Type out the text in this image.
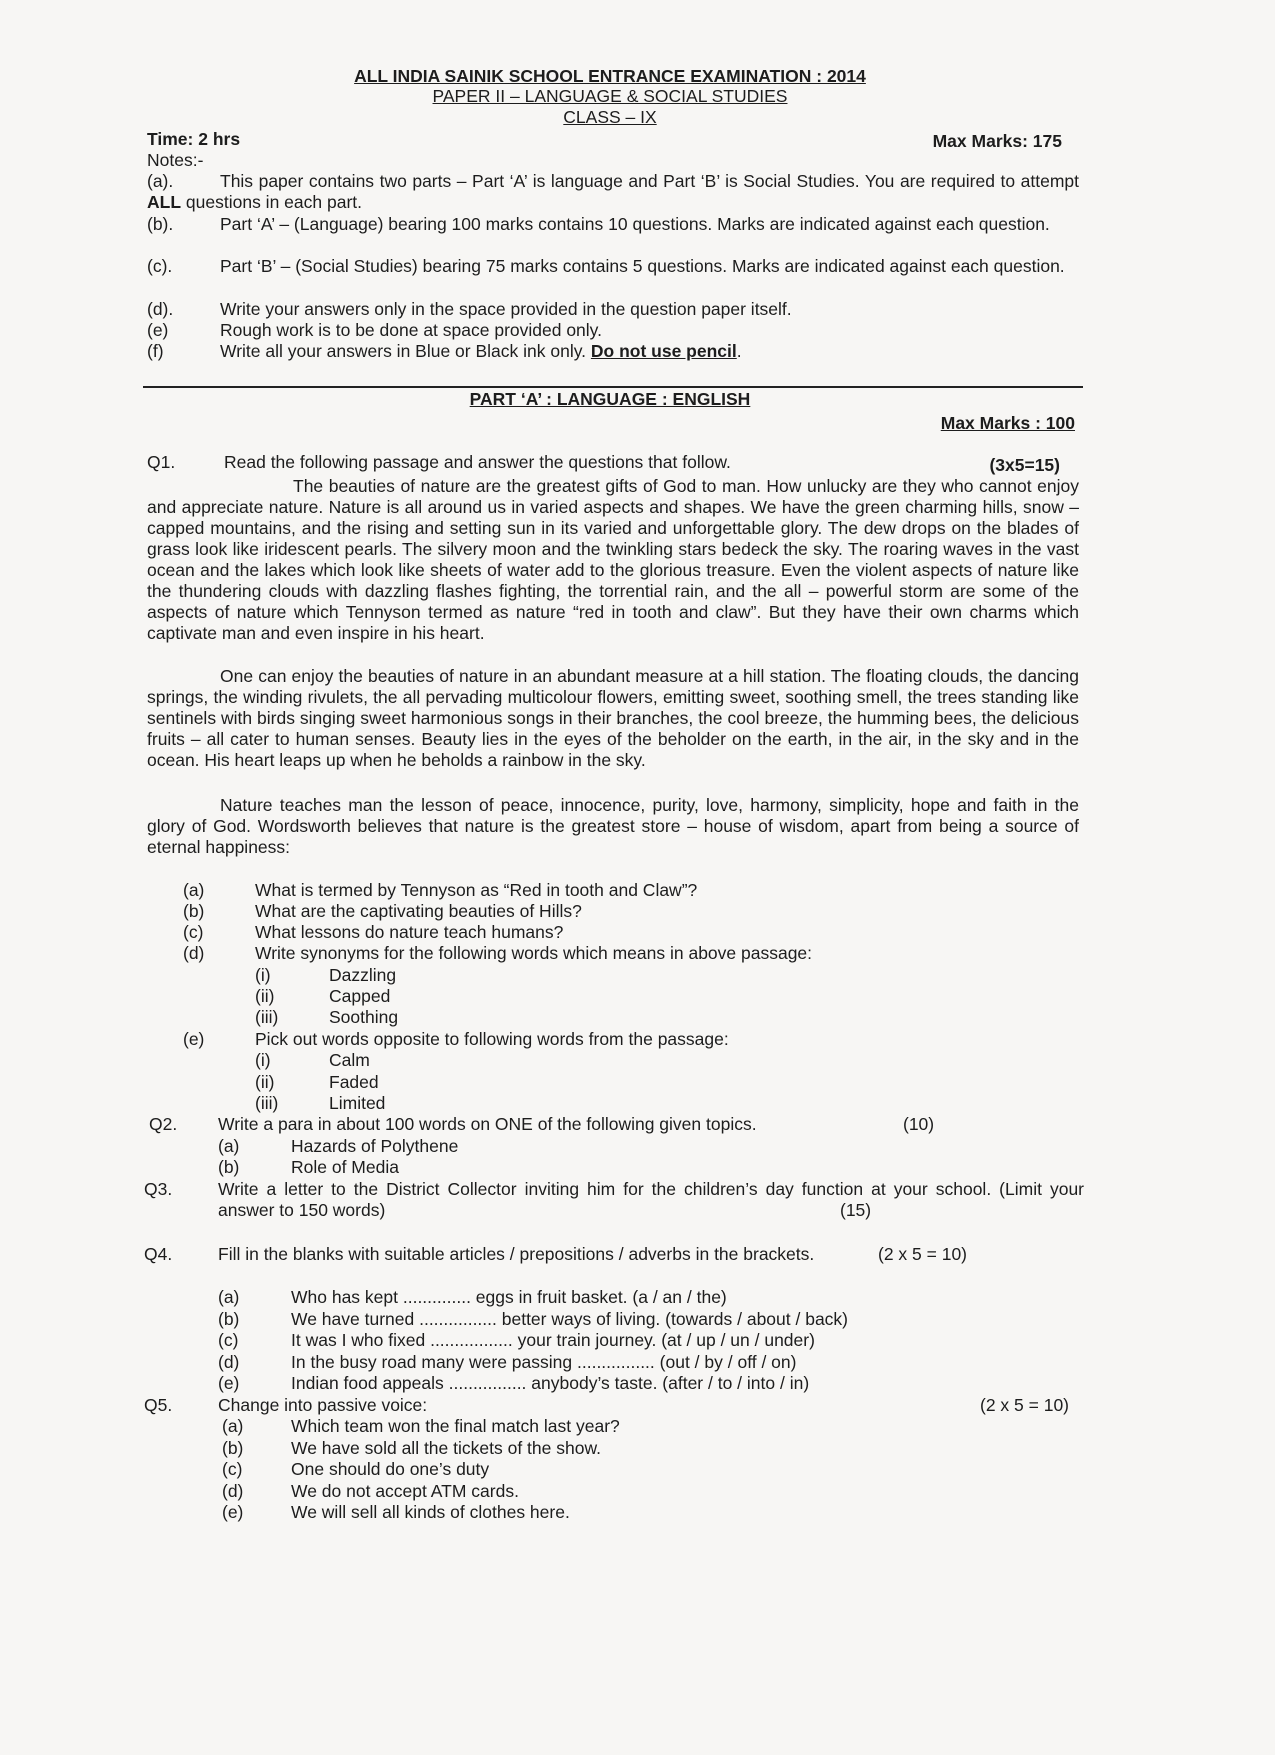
ALL INDIA SAINIK SCHOOL ENTRANCE EXAMINATION : 2014
PAPER II – LANGUAGE & SOCIAL STUDIES
CLASS – IX
Time: 2 hrs	Max Marks: 175
Notes:-
(a).	This paper contains two parts – Part ‘A’ is language and Part ‘B’ is Social Studies. You are required to attempt ALL questions in each part.
(b).	Part ‘A’ – (Language) bearing 100 marks contains 10 questions. Marks are indicated against each question.
(c).	Part ‘B’ – (Social Studies) bearing 75 marks contains 5 questions. Marks are indicated against each question.
(d).	Write your answers only in the space provided in the question paper itself.
(e)	Rough work is to be done at space provided only.
(f)	Write all your answers in Blue or Black ink only. Do not use pencil.
PART ‘A’ : LANGUAGE : ENGLISH
Max Marks : 100
Q1.	Read the following passage and answer the questions that follow.	(3x5=15)
The beauties of nature are the greatest gifts of God to man. How unlucky are they who cannot enjoy and appreciate nature. Nature is all around us in varied aspects and shapes. We have the green charming hills, snow – capped mountains, and the rising and setting sun in its varied and unforgettable glory. The dew drops on the blades of grass look like iridescent pearls. The silvery moon and the twinkling stars bedeck the sky. The roaring waves in the vast ocean and the lakes which look like sheets of water add to the glorious treasure. Even the violent aspects of nature like the thundering clouds with dazzling flashes fighting, the torrential rain, and the all – powerful storm are some of the aspects of nature which Tennyson termed as nature “red in tooth and claw”. But they have their own charms which captivate man and even inspire in his heart.
One can enjoy the beauties of nature in an abundant measure at a hill station. The floating clouds, the dancing springs, the winding rivulets, the all pervading multicolour flowers, emitting sweet, soothing smell, the trees standing like sentinels with birds singing sweet harmonious songs in their branches, the cool breeze, the humming bees, the delicious fruits – all cater to human senses. Beauty lies in the eyes of the beholder on the earth, in the air, in the sky and in the ocean. His heart leaps up when he beholds a rainbow in the sky.
Nature teaches man the lesson of peace, innocence, purity, love, harmony, simplicity, hope and faith in the glory of God. Wordsworth believes that nature is the greatest store – house of wisdom, apart from being a source of eternal happiness:
(a)	What is termed by Tennyson as “Red in tooth and Claw”?
(b)	What are the captivating beauties of Hills?
(c)	What lessons do nature teach humans?
(d)	Write synonyms for the following words which means in above passage:
(i)	Dazzling
(ii)	Capped
(iii)	Soothing
(e)	Pick out words opposite to following words from the passage:
(i)	Calm
(ii)	Faded
(iii)	Limited
Q2. Write a para in about 100 words on ONE of the following given topics.	(10)
(a)	Hazards of Polythene
(b)	Role of Media
Q3.	Write a letter to the District Collector inviting him for the children’s day function at your school. (Limit your answer to 150 words)	(15)
Q4.	Fill in the blanks with suitable articles / prepositions / adverbs in the brackets.	(2 x 5 = 10)
(a)	Who has kept .............. eggs in fruit basket. (a / an / the)
(b)	We have turned ................ better ways of living. (towards / about / back)
(c)	It was I who fixed ................. your train journey. (at / up / un / under)
(d)	In the busy road many were passing ................ (out / by / off / on)
(e)	Indian food appeals ................ anybody’s taste. (after / to / into / in)
Q5.	Change into passive voice:	(2 x 5 = 10)
(a)	Which team won the final match last year?
(b)	We have sold all the tickets of the show.
(c)	One should do one’s duty
(d)	We do not accept ATM cards.
(e)	We will sell all kinds of clothes here.
